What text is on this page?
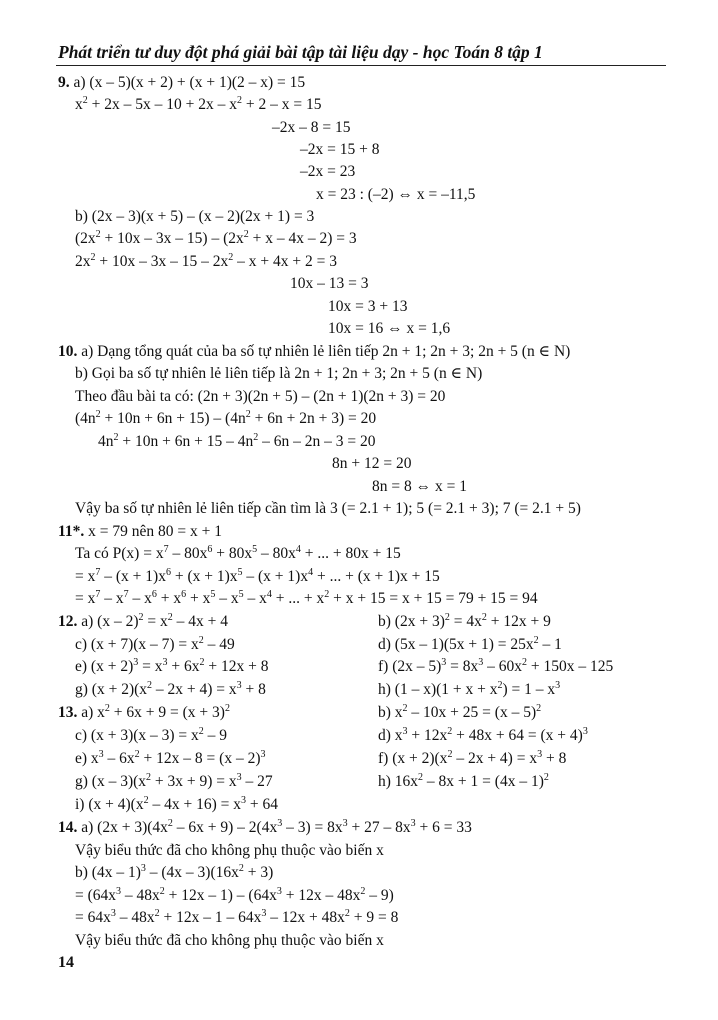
Phát triển tư duy đột phá giải bài tập tài liệu dạy - học Toán 8 tập 1
9. a) (x – 5)(x + 2) + (x + 1)(2 – x) = 15
$x^2 + 2x - 5x - 10 + 2x - x^2 + 2 - x = 15$
–2x – 8 = 15
–2x = 15 + 8
–2x = 23
x = 23 : (–2) ⇔ x = –11,5
b) (2x – 3)(x + 5) – (x – 2)(2x + 1) = 3
$(2x^2 + 10x - 3x - 15) - (2x^2 + x - 4x - 2) = 3$
$2x^2 + 10x - 3x - 15 - 2x^2 - x + 4x + 2 = 3$
10x – 13 = 3
10x = 3 + 13
10x = 16 ⇔ x = 1,6
10. a) Dạng tổng quát của ba số tự nhiên lẻ liên tiếp 2n + 1; 2n + 3; 2n + 5 (n ∈ N)
b) Gọi ba số tự nhiên lẻ liên tiếp là 2n + 1; 2n + 3; 2n + 5 (n ∈ N)
Theo đầu bài ta có: (2n + 3)(2n + 5) – (2n + 1)(2n + 3) = 20
$(4n^2 + 10n + 6n + 15) - (4n^2 + 6n + 2n + 3) = 20$
$4n^2 + 10n + 6n + 15 - 4n^2 - 6n - 2n - 3 = 20$
8n + 12 = 20
8n = 8 ⇔ x = 1
Vậy ba số tự nhiên lẻ liên tiếp cần tìm là 3 (= 2.1 + 1); 5 (= 2.1 + 3); 7 (= 2.1 + 5)
11*. x = 79 nên 80 = x + 1
Ta có $P(x) = x^7 - 80x^6 + 80x^5 - 80x^4$ + ... + 80x + 15
= $x^7 - (x + 1)x^6 + (x + 1)x^5 - (x + 1)x^4$ + ... + (x + 1)x + 15
= $x^7 - x^7 - x^6 + x^6 + x^5 - x^5 - x^4$ + ... + $x^2 + x + 15 = x + 15 = 79 + 15 = 94$
12. a) $(x - 2)^2 = x^2 - 4x + 4$	b) $(2x + 3)^2 = 4x^2 + 12x + 9$
c) $(x + 7)(x - 7) = x^2 - 49$	d) $(5x - 1)(5x + 1) = 25x^2 - 1$
e) $(x + 2)^3 = x^3 + 6x^2 + 12x + 8$	f) $(2x - 5)^3 = 8x^3 - 60x^2 + 150x - 125$
g) $(x + 2)(x^2 - 2x + 4) = x^3 + 8$	h) $(1 - x)(1 + x + x^2) = 1 - x^3$
13. a) $x^2 + 6x + 9 = (x + 3)^2$	b) $x^2 - 10x + 25 = (x - 5)^2$
c) $(x + 3)(x - 3) = x^2 - 9$	d) $x^3 + 12x^2 + 48x + 64 = (x + 4)^3$
e) $x^3 - 6x^2 + 12x - 8 = (x - 2)^3$	f) $(x + 2)(x^2 - 2x + 4) = x^3 + 8$
g) $(x - 3)(x^2 + 3x + 9) = x^3 - 27$	h) $16x^2 - 8x + 1 = (4x - 1)^2$
i) $(x + 4)(x^2 - 4x + 16) = x^3 + 64$
14. a) $(2x + 3)(4x^2 - 6x + 9) - 2(4x^3 - 3) = 8x^3 + 27 - 8x^3 + 6 = 33$
Vậy biểu thức đã cho không phụ thuộc vào biến x
b) $(4x - 1)^3 - (4x - 3)(16x^2 + 3)$
= $(64x^3 - 48x^2 + 12x - 1) - (64x^3 + 12x - 48x^2 - 9)$
= $64x^3 - 48x^2 + 12x - 1 - 64x^3 - 12x + 48x^2 + 9 = 8$
Vậy biểu thức đã cho không phụ thuộc vào biến x
14
